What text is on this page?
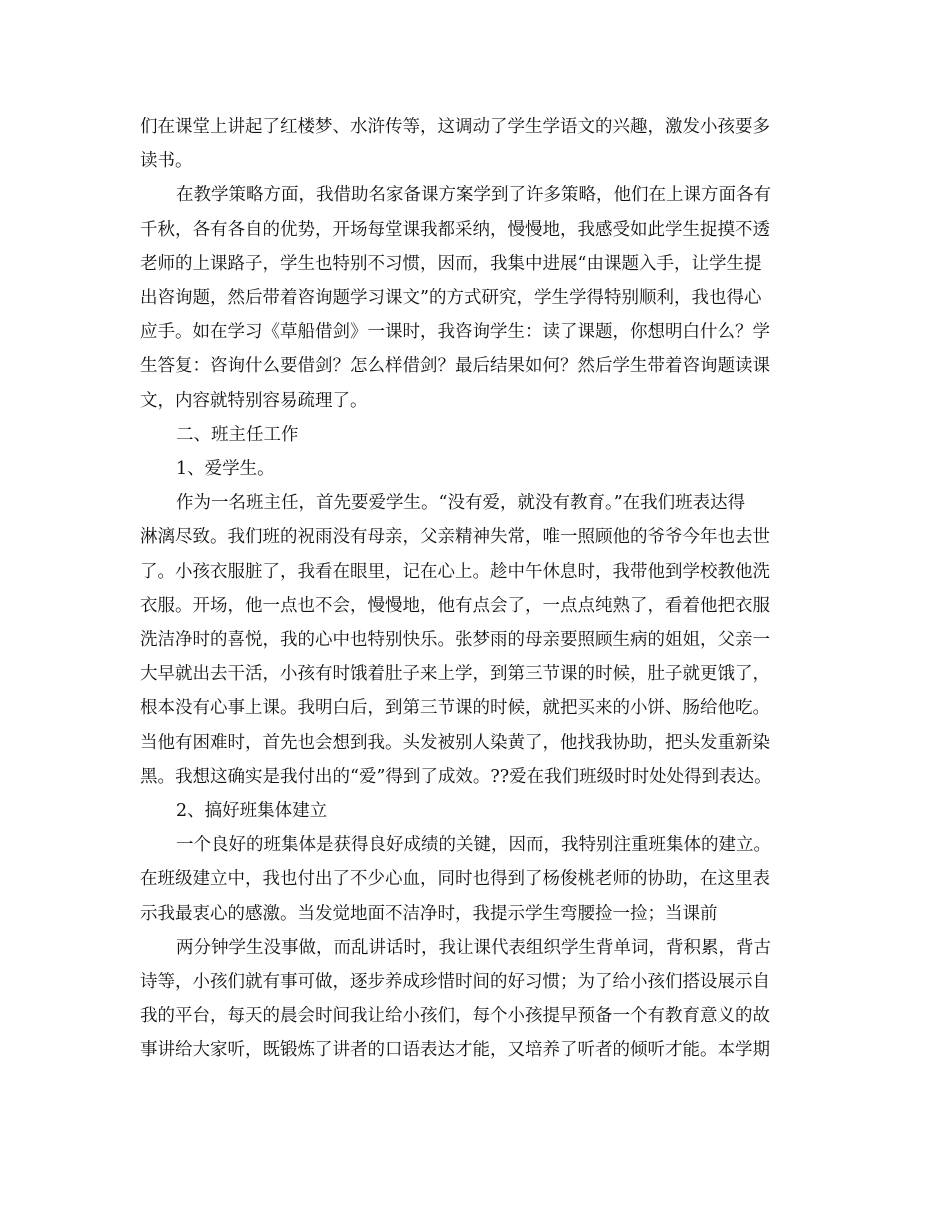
们在课堂上讲起了红楼梦、水浒传等，这调动了学生学语文的兴趣，激发小孩要多

读书。

在教学策略方面，我借助名家备课方案学到了许多策略，他们在上课方面各有

千秋，各有各自的优势，开场每堂课我都采纳，慢慢地，我感受如此学生捉摸不透

老师的上课路子，学生也特别不习惯，因而，我集中进展“由课题入手，让学生提

出咨询题，然后带着咨询题学习课文”的方式研究，学生学得特别顺利，我也得心

应手。如在学习《草船借剑》一课时，我咨询学生：读了课题，你想明白什么？学

生答复：咨询什么要借剑？怎么样借剑？最后结果如何？然后学生带着咨询题读课

文，内容就特别容易疏理了。

二、班主任工作

1、爱学生。

作为一名班主任，首先要爱学生。“没有爱，就没有教育。”在我们班表达得

淋漓尽致。我们班的祝雨没有母亲，父亲精神失常，唯一照顾他的爷爷今年也去世

了。小孩衣服脏了，我看在眼里，记在心上。趁中午休息时，我带他到学校教他洗

衣服。开场，他一点也不会，慢慢地，他有点会了，一点点纯熟了，看着他把衣服

洗洁净时的喜悦，我的心中也特别快乐。张梦雨的母亲要照顾生病的姐姐，父亲一

大早就出去干活，小孩有时饿着肚子来上学，到第三节课的时候，肚子就更饿了，

根本没有心事上课。我明白后，到第三节课的时候，就把买来的小饼、肠给他吃。

当他有困难时，首先也会想到我。头发被别人染黄了，他找我协助，把头发重新染

黑。我想这确实是我付出的“爱”得到了成效。??爱在我们班级时时处处得到表达。

2、搞好班集体建立

一个良好的班集体是获得良好成绩的关键，因而，我特别注重班集体的建立。

在班级建立中，我也付出了不少心血，同时也得到了杨俊桃老师的协助，在这里表

示我最衷心的感激。当发觉地面不洁净时，我提示学生弯腰捡一捡；当课前

两分钟学生没事做，而乱讲话时，我让课代表组织学生背单词，背积累，背古

诗等，小孩们就有事可做，逐步养成珍惜时间的好习惯；为了给小孩们搭设展示自

我的平台，每天的晨会时间我让给小孩们，每个小孩提早预备一个有教育意义的故

事讲给大家听，既锻炼了讲者的口语表达才能，又培养了听者的倾听才能。本学期
